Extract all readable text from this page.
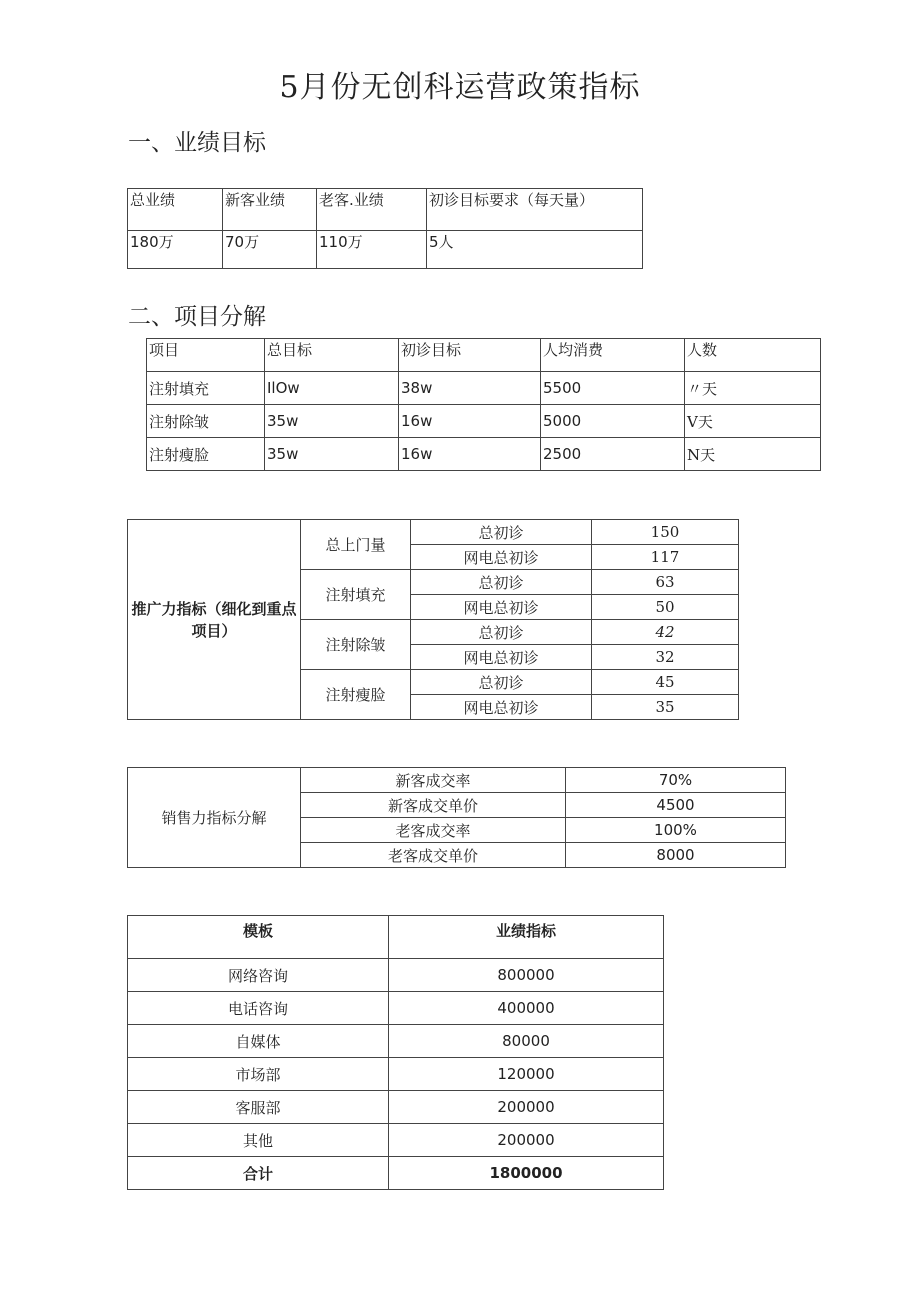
5月份无创科运营政策指标
一、业绩目标
总业绩	新客业绩	老客.业绩	初诊目标要求（每天量）
180万	70万	110万	5人
二、项目分解
项目	总目标	初诊目标	人均消费	人数
注射填充	IlOw	38w	5500	〃天
注射除皱	35w	16w	5000	V天
注射瘦脸	35w	16w	2500	N天
推广力指标（细化到重点项目）	总上门量	总初诊	150
		网电总初诊	117
	注射填充	总初诊	63
		网电总初诊	50
	注射除皱	总初诊	42
		网电总初诊	32
	注射瘦脸	总初诊	45
		网电总初诊	35
销售力指标分解	新客成交率	70%
	新客成交单价	4500
	老客成交率	100%
	老客成交单价	8000
模板	业绩指标
网络咨询	800000
电话咨询	400000
自媒体	80000
市场部	120000
客服部	200000
其他	200000
合计	1800000
